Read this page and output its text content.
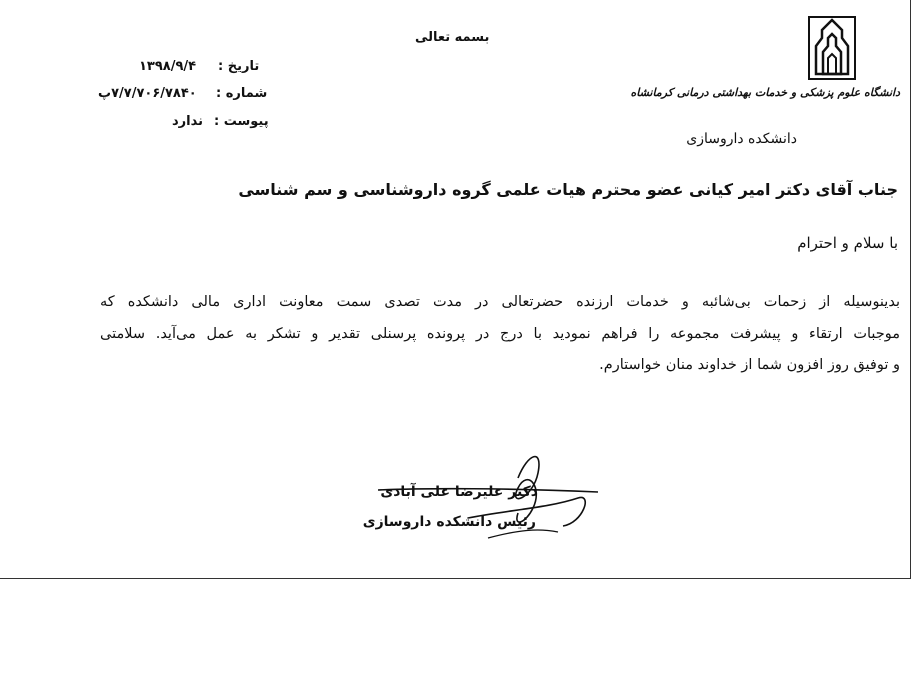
بسمه تعالی
تاریخ :
۱۳۹۸/۹/۴
شماره :
۷/۷/۷۰۶/۷۸۴۰پ
پیوست :
ندارد
دانشگاه علوم پزشکی و خدمات بهداشتی درمانی کرمانشاه
دانشکده داروسازی
جناب آقای دکتر امیر کیانی عضو محترم هیات علمی گروه داروشناسی و سم شناسی
با سلام و احترام
بدینوسیله از زحمات بی‌شائبه و خدمات ارزنده حضرتعالی در مدت تصدی سمت معاونت اداری مالی دانشکده که
موجبات ارتقاء و پیشرفت مجموعه را فراهم نمودید با درج در پرونده پرسنلی تقدیر و تشکر به عمل می‌آید. سلامتی
و توفیق روز افزون شما از خداوند منان خواستارم.
دکتر علیرضا علی آبادی
رئیس دانشکده داروسازی
